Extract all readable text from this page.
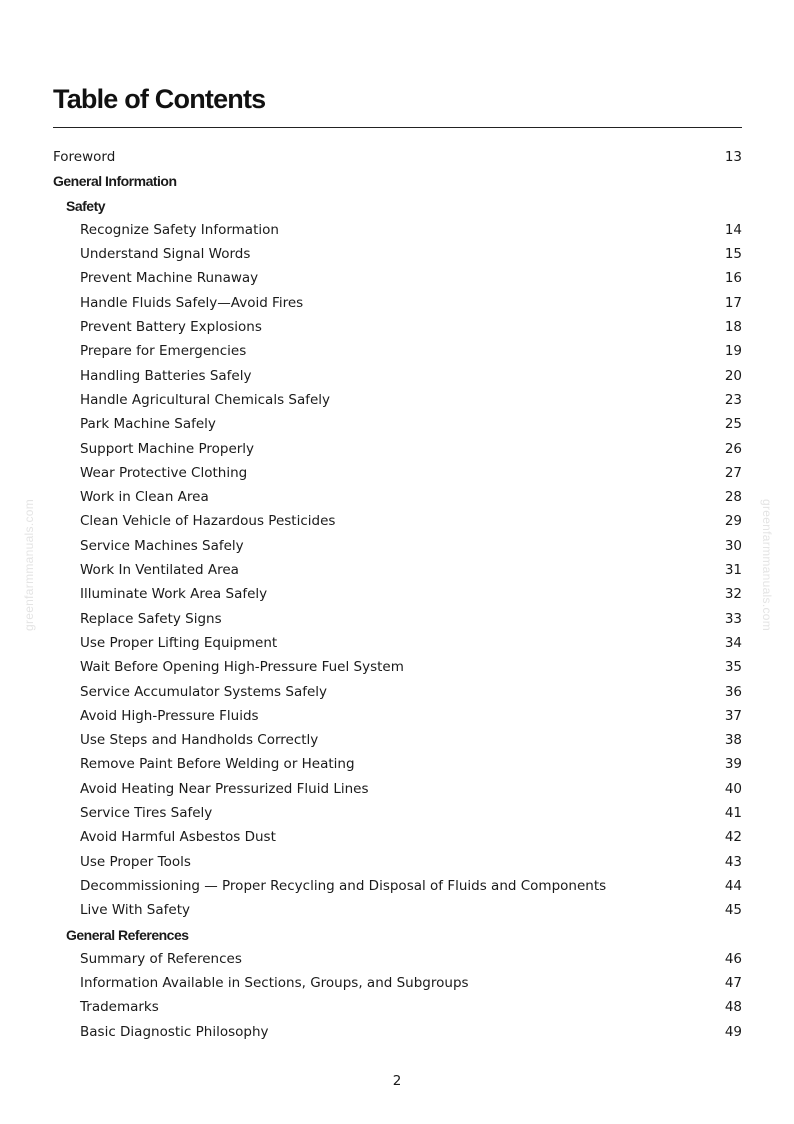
greenfarmmanuals.com	greenfarmmanuals.com
Table of Contents
Foreword	13
General Information
Safety
Recognize Safety Information	14
Understand Signal Words	15
Prevent Machine Runaway	16
Handle Fluids Safely—Avoid Fires	17
Prevent Battery Explosions	18
Prepare for Emergencies	19
Handling Batteries Safely	20
Handle Agricultural Chemicals Safely	23
Park Machine Safely	25
Support Machine Properly	26
Wear Protective Clothing	27
Work in Clean Area	28
Clean Vehicle of Hazardous Pesticides	29
Service Machines Safely	30
Work In Ventilated Area	31
Illuminate Work Area Safely	32
Replace Safety Signs	33
Use Proper Lifting Equipment	34
Wait Before Opening High-Pressure Fuel System	35
Service Accumulator Systems Safely	36
Avoid High-Pressure Fluids	37
Use Steps and Handholds Correctly	38
Remove Paint Before Welding or Heating	39
Avoid Heating Near Pressurized Fluid Lines	40
Service Tires Safely	41
Avoid Harmful Asbestos Dust	42
Use Proper Tools	43
Decommissioning — Proper Recycling and Disposal of Fluids and Components	44
Live With Safety	45
General References
Summary of References	46
Information Available in Sections, Groups, and Subgroups	47
Trademarks	48
Basic Diagnostic Philosophy	49
2
